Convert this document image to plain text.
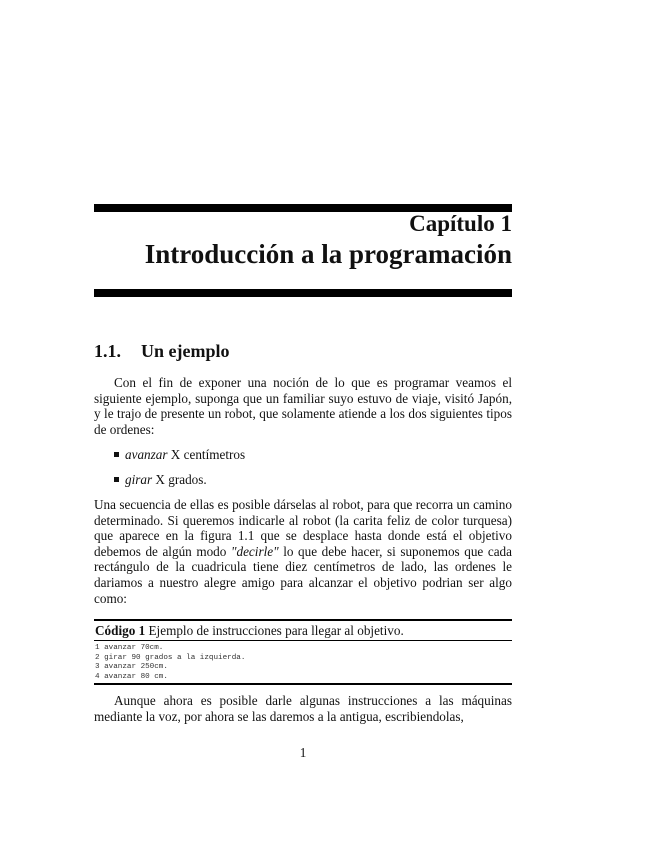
Capítulo 1
Introducción a la programación
1.1. Un ejemplo
Con el fin de exponer una noción de lo que es programar veamos el siguiente ejemplo, suponga que un familiar suyo estuvo de viaje, visitó Japón, y le trajo de presente un robot, que solamente atiende a los dos siguientes tipos de ordenes:
avanzar X centímetros
girar X grados.
Una secuencia de ellas es posible dárselas al robot, para que recorra un camino determinado. Si queremos indicarle al robot (la carita feliz de color turquesa) que aparece en la figura 1.1 que se desplace hasta donde está el objetivo debemos de algún modo "decirle" lo que debe hacer, si suponemos que cada rectángulo de la cuadricula tiene diez centímetros de lado, las ordenes le dariamos a nuestro alegre amigo para alcanzar el objetivo podrian ser algo como:
Código 1 Ejemplo de instrucciones para llegar al objetivo.
1 avanzar 70cm.
2 girar 90 grados a la izquierda.
3 avanzar 250cm.
4 avanzar 80 cm.
Aunque ahora es posible darle algunas instrucciones a las máquinas mediante la voz, por ahora se las daremos a la antigua, escribiendolas,
1
